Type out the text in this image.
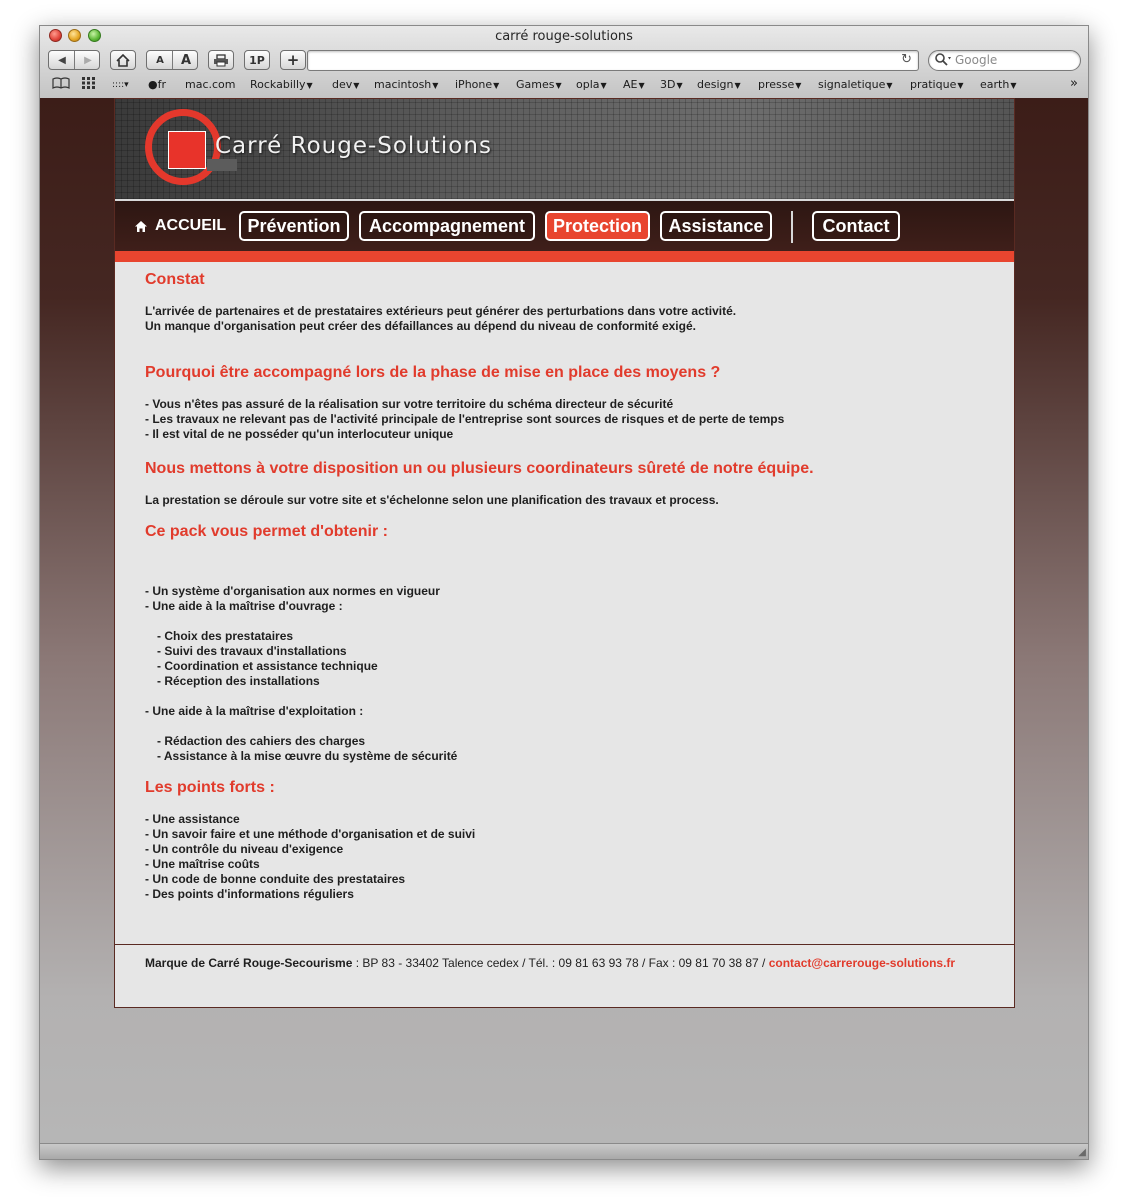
carré rouge-solutions
◀	▶	A	A	1P	+	↻	Google
::::▾ ●fr mac.com Rockabilly▼ dev▼ macintosh▼ iPhone▼ Games▼ opla▼ AE▼ 3D▼ design▼ presse▼ signaletique▼ pratique▼ earth▼	»
Carré Rouge-Solutions
ACCUEIL	Prévention	Accompagnement	Protection	Assistance	Contact
Constat
L'arrivée de partenaires et de prestataires extérieurs peut générer des perturbations dans votre activité.
Un manque d'organisation peut créer des défaillances au dépend du niveau de conformité exigé.
Pourquoi être accompagné lors de la phase de mise en place des moyens ?
- Vous n'êtes pas assuré de la réalisation sur votre territoire du schéma directeur de sécurité
- Les travaux ne relevant pas de l'activité principale de l'entreprise sont sources de risques et de perte de temps
- Il est vital de ne posséder qu'un interlocuteur unique
Nous mettons à votre disposition un ou plusieurs coordinateurs sûreté de notre équipe.
La prestation se déroule sur votre site et s'échelonne selon une planification des travaux et process.
Ce pack vous permet d'obtenir :
- Un système d'organisation aux normes en vigueur
- Une aide à la maîtrise d'ouvrage :
- Choix des prestataires
- Suivi des travaux d'installations
- Coordination et assistance technique
- Réception des installations
- Une aide à la maîtrise d'exploitation :
- Rédaction des cahiers des charges
- Assistance à la mise œuvre du système de sécurité
Les points forts :
- Une assistance
- Un savoir faire et une méthode d'organisation et de suivi
- Un contrôle du niveau d'exigence
- Une maîtrise coûts
- Un code de bonne conduite des prestataires
- Des points d'informations réguliers
Marque de Carré Rouge-Secourisme : BP 83 - 33402 Talence cedex / Tél. : 09 81 63 93 78 / Fax : 09 81 70 38 87 / contact@carrerouge-solutions.fr
◢
